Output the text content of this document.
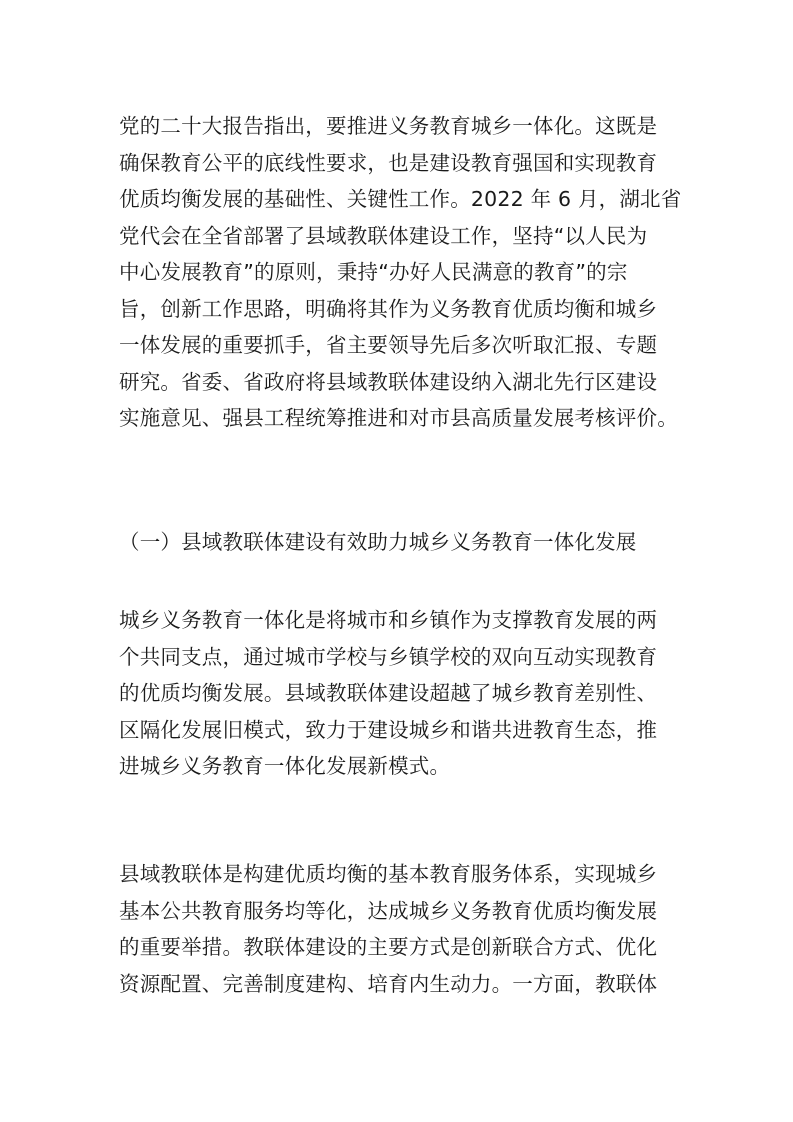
党的二十大报告指出，要推进义务教育城乡一体化。这既是
确保教育公平的底线性要求，也是建设教育强国和实现教育
优质均衡发展的基础性、关键性工作。2022 年 6 月，湖北省
党代会在全省部署了县域教联体建设工作，坚持“以人民为
中心发展教育”的原则，秉持“办好人民满意的教育”的宗
旨，创新工作思路，明确将其作为义务教育优质均衡和城乡
一体发展的重要抓手，省主要领导先后多次听取汇报、专题
研究。省委、省政府将县域教联体建设纳入湖北先行区建设
实施意见、强县工程统筹推进和对市县高质量发展考核评价。
（一）县域教联体建设有效助力城乡义务教育一体化发展
城乡义务教育一体化是将城市和乡镇作为支撑教育发展的两
个共同支点，通过城市学校与乡镇学校的双向互动实现教育
的优质均衡发展。县域教联体建设超越了城乡教育差别性、
区隔化发展旧模式，致力于建设城乡和谐共进教育生态，推
进城乡义务教育一体化发展新模式。
县域教联体是构建优质均衡的基本教育服务体系，实现城乡
基本公共教育服务均等化，达成城乡义务教育优质均衡发展
的重要举措。教联体建设的主要方式是创新联合方式、优化
资源配置、完善制度建构、培育内生动力。一方面，教联体
